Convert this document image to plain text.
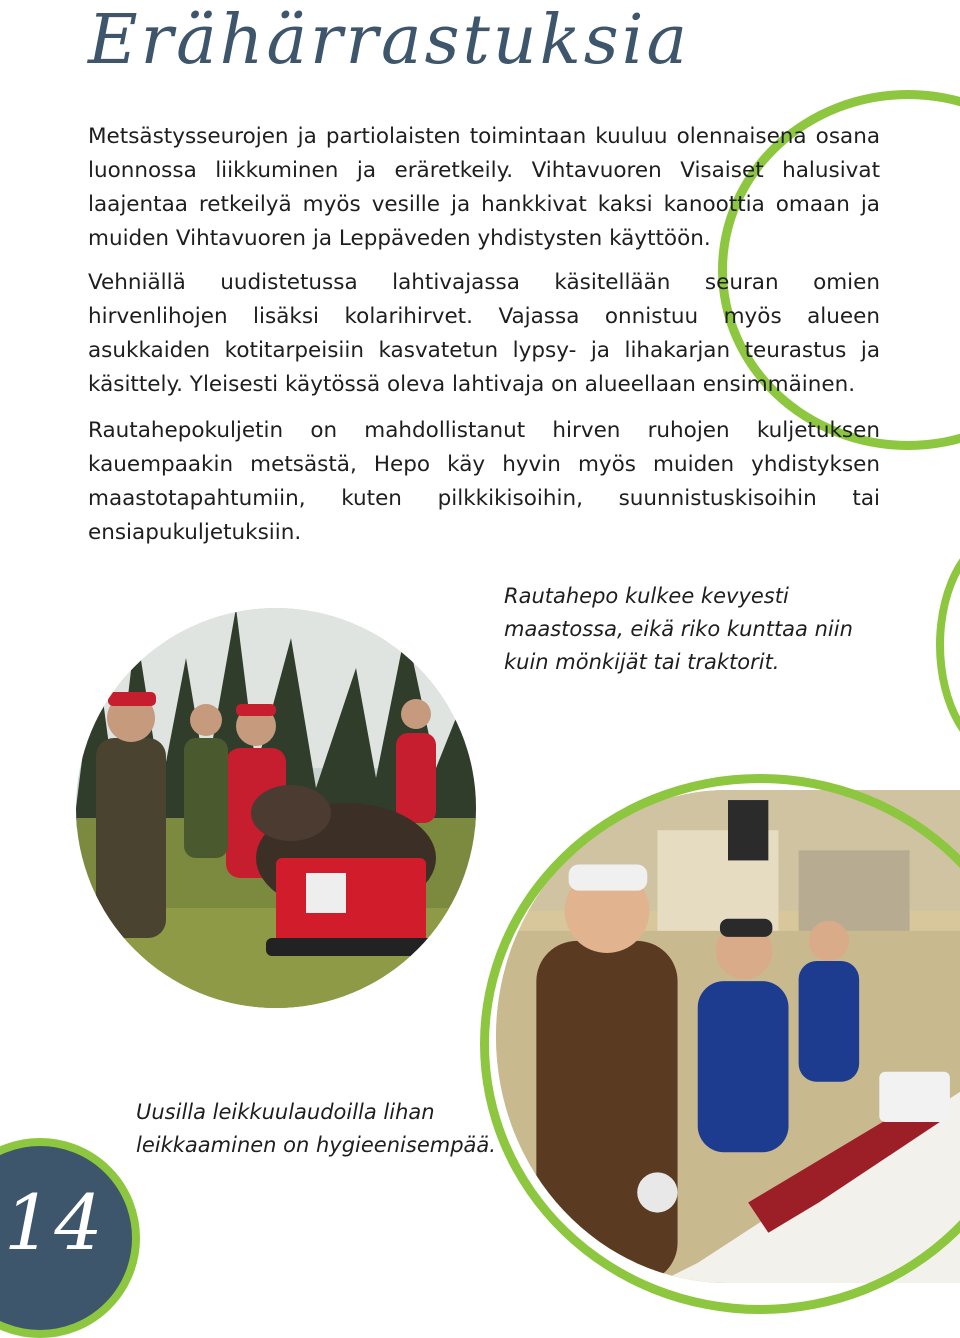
Erähärrastuksia

Metsästysseurojen ja partiolaisten toimintaan kuuluu olennaisena osana luonnossa liikkuminen ja eräretkeily. Vihtavuoren Visaiset halusivat laajentaa retkeilyä myös vesille ja hankkivat kaksi kanoottia omaan ja muiden Vihtavuoren ja Leppäveden yhdistysten käyttöön.

Vehniällä uudistetussa lahtivajassa käsitellään seuran omien hirvenlihojen lisäksi kolarihirvet. Vajassa onnistuu myös alueen asukkaiden kotitarpeisiin kasvatetun lypsy- ja lihakarjan teurastus ja käsittely. Yleisesti käytössä oleva lahtivaja on alueellaan ensimmäinen.

Rautahepokuljetin on mahdollistanut hirven ruhojen kuljetuksen kauempaakin metsästä, Hepo käy hyvin myös muiden yhdistyksen maastotapahtumiin, kuten pilkkikisoihin, suunnistuskisoihin tai ensiapukuljetuksiin.

Rautahepo kulkee kevyesti maastossa, eikä riko kunttaa niin kuin mönkijät tai traktorit.

Uusilla leikkuulaudoilla lihan leikkaaminen on hygieenisempää.

14
